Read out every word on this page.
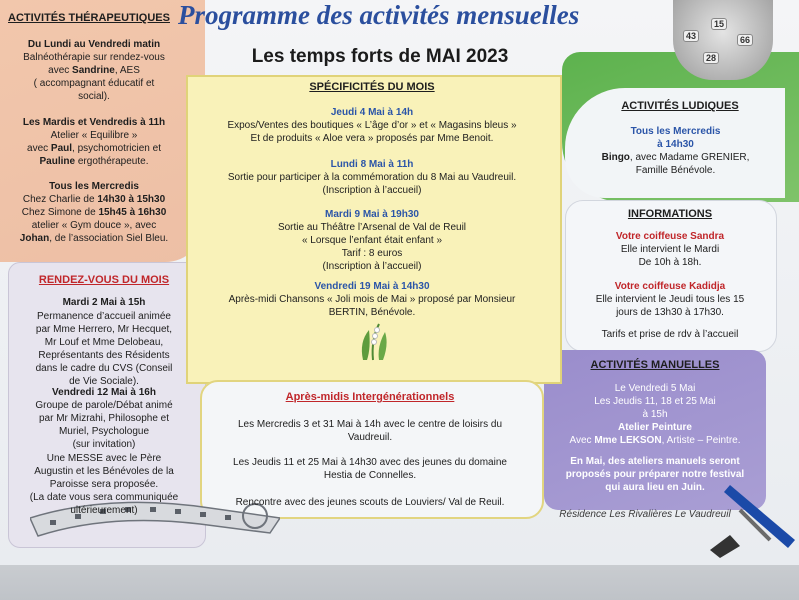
43
15
66
28
Programme des activités mensuelles
Les temps forts de MAI 2023
ACTIVITÉS THÉRAPEUTIQUES
Du Lundi au Vendredi matin
Balnéothérapie sur rendez-vous
avec Sandrine, AES
( accompagnant éducatif et
social).
Les Mardis et Vendredis à 11h
Atelier « Equilibre »
avec Paul, psychomotricien et
Pauline ergothérapeute.
Tous les Mercredis
Chez Charlie de 14h30 à 15h30
Chez Simone de 15h45 à 16h30
atelier « Gym douce », avec
Johan, de l’association Siel Bleu.
RENDEZ-VOUS DU MOIS
Mardi 2 Mai à 15h
Permanence d’accueil animée
par Mme Herrero, Mr Hecquet,
Mr Louf et Mme Delobeau,
Représentants des Résidents
dans le cadre du CVS (Conseil
de Vie Sociale).
Vendredi 12 Mai à 16h
Groupe de parole/Débat animé
par Mr Mizrahi, Philosophe et
Muriel, Psychologue
(sur invitation)
Une MESSE avec le Père
Augustin et les Bénévoles de la
Paroisse sera proposée.
(La date vous sera communiquée
ultérieurement)
SPÉCIFICITÉS DU MOIS
Jeudi 4 Mai à 14h
Expos/Ventes des boutiques « L’âge d’or » et « Magasins bleus »
Et de produits « Aloe vera » proposés par Mme Benoit.
Lundi 8 Mai à 11h
Sortie pour participer à la commémoration du 8 Mai au Vaudreuil.
(Inscription à l’accueil)
Mardi 9 Mai à 19h30
Sortie au Théâtre l’Arsenal de Val de Reuil
« Lorsque l’enfant était enfant »
Tarif : 8 euros
(Inscription à l’accueil)
Vendredi 19 Mai à 14h30
Après-midi Chansons « Joli mois de Mai » proposé par Monsieur
BERTIN, Bénévole.
ACTIVITÉS LUDIQUES
Tous les Mercredis
à 14h30
Bingo, avec Madame GRENIER,
Famille Bénévole.
INFORMATIONS
Votre coiffeuse Sandra
Elle intervient le Mardi
De 10h à 18h.
Votre coiffeuse Kadidja
Elle intervient le Jeudi tous les 15
jours de 13h30 à 17h30.
Tarifs et prise de rdv à l’accueil
ACTIVITÉS MANUELLES
Le Vendredi 5 Mai
Les Jeudis 11, 18 et 25 Mai
à 15h
Atelier Peinture
Avec Mme LEKSON, Artiste – Peintre.
En Mai, des ateliers manuels seront
proposés pour préparer notre festival
qui aura lieu en Juin.
Après-midis Intergénérationnels
Les Mercredis 3 et 31 Mai à 14h avec le centre de loisirs du
Vaudreuil.
Les Jeudis 11 et 25 Mai à 14h30 avec des jeunes du domaine
Hestia de Connelles.
Rencontre avec des jeunes scouts de Louviers/ Val de Reuil.
Résidence Les Rivalières Le Vaudreuil
